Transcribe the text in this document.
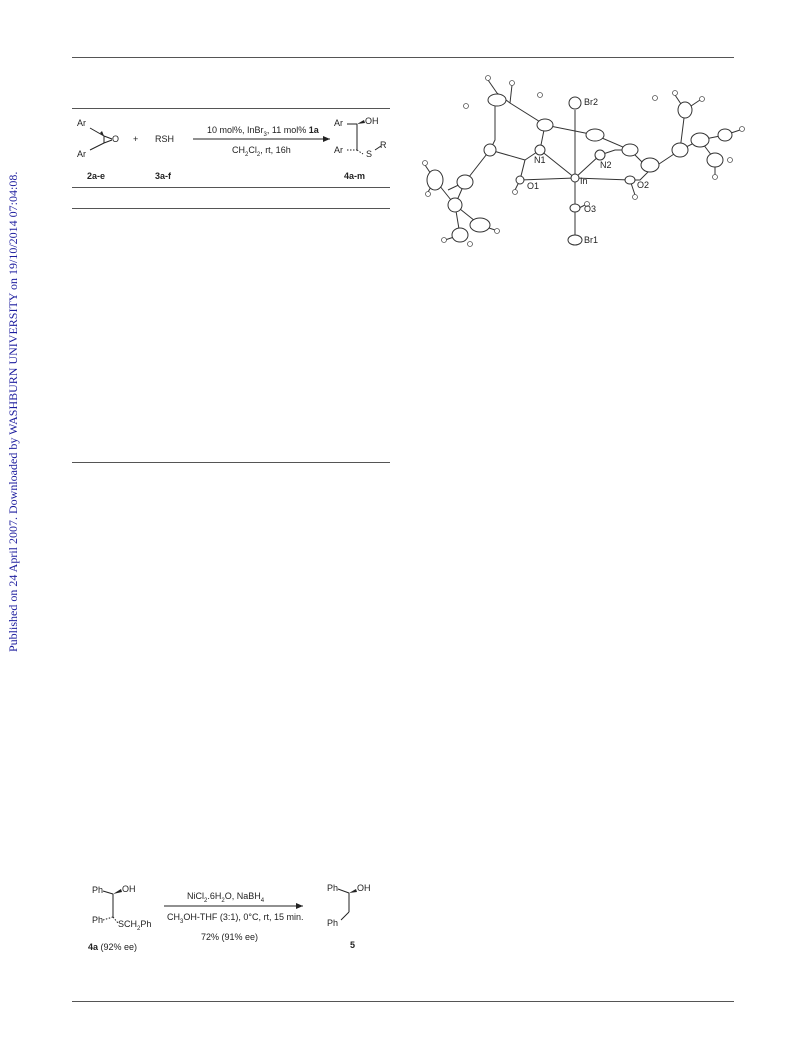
Published on 24 April 2007. Downloaded by WASHBURN UNIVERSITY on 19/10/2014 07:04:08.
Ar
Ar
O + RSH
10 mol%, InBr$_3$, 11 mol% 1a
$CH_2Cl_2$, rt, 16h
Ar OH
Ar	S
R
2a-e	3a-f	4a-m
Br2
N1	N2
In
O1	O2
O3
Br1
Ph OH
Ph $SCH_2Ph$
4a (92% ee)
$NiCl_2.6H_2O$, NaBH$_4$
$CH_3OH$-THF (3:1), 0°C, rt, 15 min.
72% (91% ee)
Ph OH
Ph
5
